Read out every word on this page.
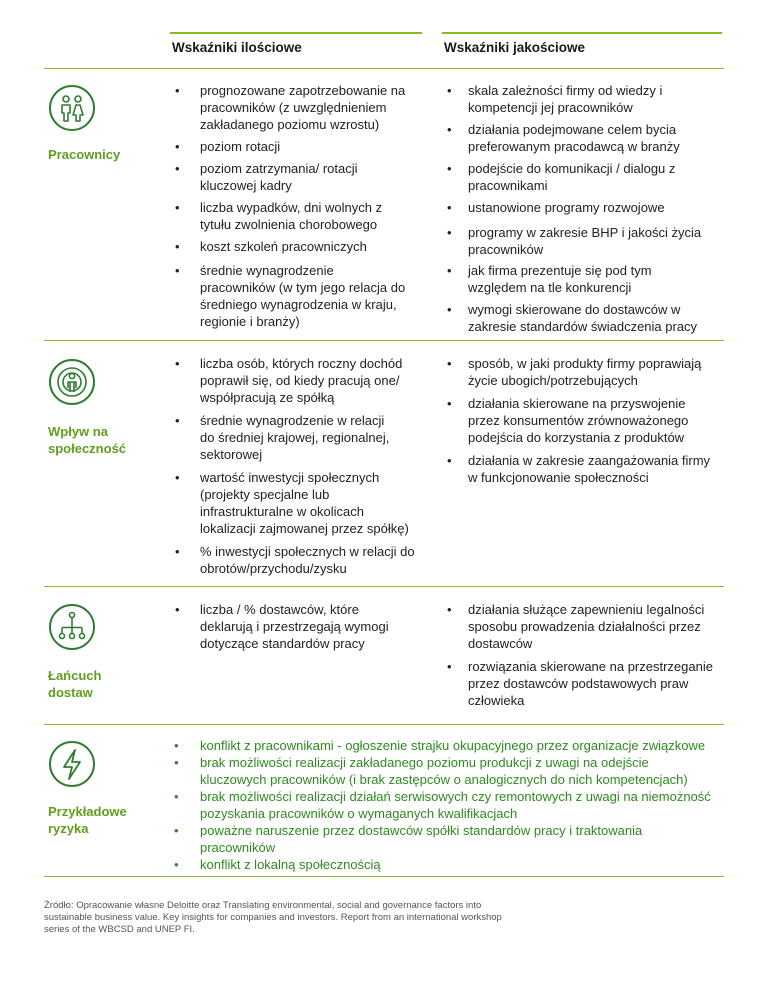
Wskaźniki ilościowe	Wskaźniki jakościowe
Pracownicy
• prognozowane zapotrzebowanie na pracowników (z uwzględnieniem zakładanego poziomu wzrostu)
• poziom rotacji
• poziom zatrzymania/ rotacji kluczowej kadry
• liczba wypadków, dni wolnych z tytułu zwolnienia chorobowego
• koszt szkoleń pracowniczych
• średnie wynagrodzenie pracowników (w tym jego relacja do średniego wynagrodzenia w kraju, regionie i branży)
• skala zależności firmy od wiedzy i kompetencji jej pracowników
• działania podejmowane celem bycia preferowanym pracodawcą w branży
• podejście do komunikacji / dialogu z pracownikami
• ustanowione programy rozwojowe
• programy w zakresie BHP i jakości życia pracowników
• jak firma prezentuje się pod tym względem na tle konkurencji
• wymogi skierowane do dostawców w zakresie standardów świadczenia pracy
Wpływ na społeczność
• liczba osób, których roczny dochód poprawił się, od kiedy pracują one/ współpracują ze spółką
• średnie wynagrodzenie w relacji do średniej krajowej, regionalnej, sektorowej
• wartość inwestycji społecznych (projekty specjalne lub infrastrukturalne w okolicach lokalizacji zajmowanej przez spółkę)
• % inwestycji społecznych w relacji do obrotów/przychodu/zysku
• sposób, w jaki produkty firmy poprawiają życie ubogich/potrzebujących
• działania skierowane na przyswojenie przez konsumentów zrównoważonego podejścia do korzystania z produktów
• działania w zakresie zaangażowania firmy w funkcjonowanie społeczności
Łańcuch dostaw
• liczba / % dostawców, które deklarują i przestrzegają wymogi dotyczące standardów pracy
• działania służące zapewnieniu legalności sposobu prowadzenia działalności przez dostawców
• rozwiązania skierowane na przestrzeganie przez dostawców podstawowych praw człowieka
Przykładowe ryzyka
• konflikt z pracownikami - ogłoszenie strajku okupacyjnego przez organizacje związkowe
• brak możliwości realizacji zakładanego poziomu produkcji z uwagi na odejście kluczowych pracowników (i brak zastępców o analogicznych do nich kompetencjach)
• brak możliwości realizacji działań serwisowych czy remontowych z uwagi na niemożność pozyskania pracowników o wymaganych kwalifikacjach
• poważne naruszenie przez dostawców spółki standardów pracy i traktowania pracowników
• konflikt z lokalną społecznością
Źródło: Opracowanie własne Deloitte oraz Translating environmental, social and governance factors into sustainable business value. Key insights for companies and investors. Report from an international workshop series of the WBCSD and UNEP FI.
